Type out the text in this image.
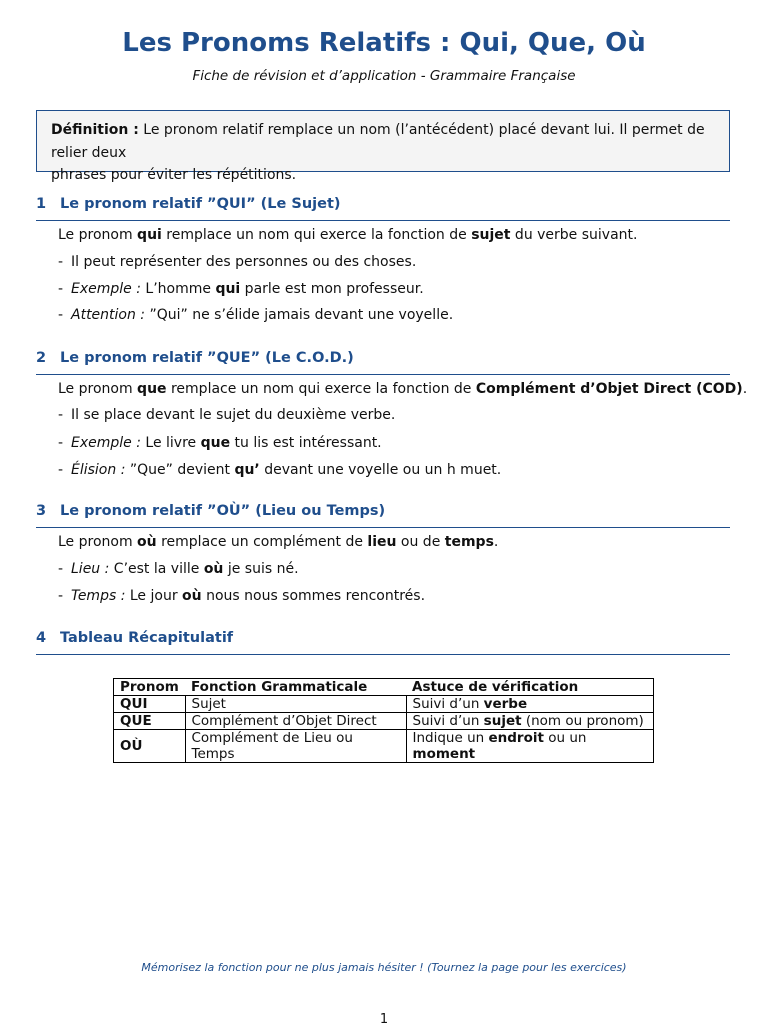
Les Pronoms Relatifs : Qui, Que, Où
Fiche de révision et d’application - Grammaire Française
Définition : Le pronom relatif remplace un nom (l’antécédent) placé devant lui. Il permet de relier deux
phrases pour éviter les répétitions.
1 Le pronom relatif ”QUI” (Le Sujet)
Le pronom qui remplace un nom qui exerce la fonction de sujet du verbe suivant.
- Il peut représenter des personnes ou des choses.
- Exemple : L’homme qui parle est mon professeur.
- Attention : ”Qui” ne s’élide jamais devant une voyelle.
2 Le pronom relatif ”QUE” (Le C.O.D.)
Le pronom que remplace un nom qui exerce la fonction de Complément d’Objet Direct (COD).
- Il se place devant le sujet du deuxième verbe.
- Exemple : Le livre que tu lis est intéressant.
- Élision : ”Que” devient qu’ devant une voyelle ou un h muet.
3 Le pronom relatif ”OÙ” (Lieu ou Temps)
Le pronom où remplace un complément de lieu ou de temps.
- Lieu : C’est la ville où je suis né.
- Temps : Le jour où nous nous sommes rencontrés.
4 Tableau Récapitulatif
Pronom	Fonction Grammaticale	Astuce de vérification
QUI	Sujet	Suivi d’un verbe
QUE	Complément d’Objet Direct	Suivi d’un sujet (nom ou pronom)
OÙ	Complément de Lieu ou Temps	Indique un endroit ou un moment
Mémorisez la fonction pour ne plus jamais hésiter ! (Tournez la page pour les exercices)
1
